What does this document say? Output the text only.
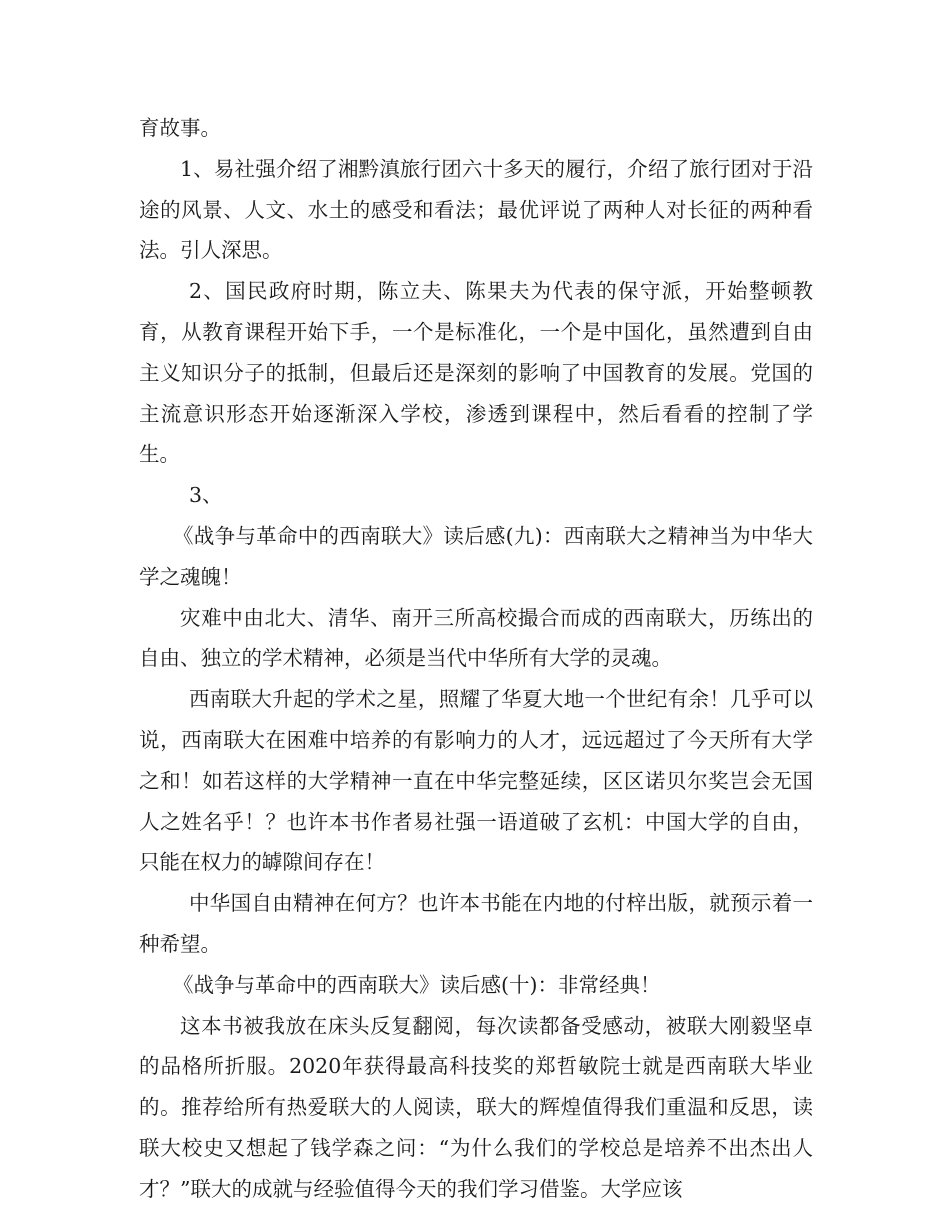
育故事。

1、易社强介绍了湘黔滇旅行团六十多天的履行，介绍了旅行团对于沿途的风景、人文、水土的感受和看法；最优评说了两种人对长征的两种看法。引人深思。

2、国民政府时期，陈立夫、陈果夫为代表的保守派，开始整顿教育，从教育课程开始下手，一个是标准化，一个是中国化，虽然遭到自由主义知识分子的抵制，但最后还是深刻的影响了中国教育的发展。党国的主流意识形态开始逐渐深入学校，渗透到课程中，然后看看的控制了学生。

3、

《战争与革命中的西南联大》读后感(九)：西南联大之精神当为中华大学之魂魄！

灾难中由北大、清华、南开三所高校撮合而成的西南联大，历练出的自由、独立的学术精神，必须是当代中华所有大学的灵魂。

西南联大升起的学术之星，照耀了华夏大地一个世纪有余！几乎可以说，西南联大在困难中培养的有影响力的人才，远远超过了今天所有大学之和！如若这样的大学精神一直在中华完整延续，区区诺贝尔奖岂会无国人之姓名乎！？也许本书作者易社强一语道破了玄机：中国大学的自由，只能在权力的罅隙间存在！

中华国自由精神在何方？也许本书能在内地的付梓出版，就预示着一种希望。

《战争与革命中的西南联大》读后感(十)：非常经典！

这本书被我放在床头反复翻阅，每次读都备受感动，被联大刚毅坚卓的品格所折服。2020年获得最高科技奖的郑哲敏院士就是西南联大毕业的。推荐给所有热爱联大的人阅读，联大的辉煌值得我们重温和反思，读联大校史又想起了钱学森之问：“为什么我们的学校总是培养不出杰出人才？”联大的成就与经验值得今天的我们学习借鉴。大学应该
